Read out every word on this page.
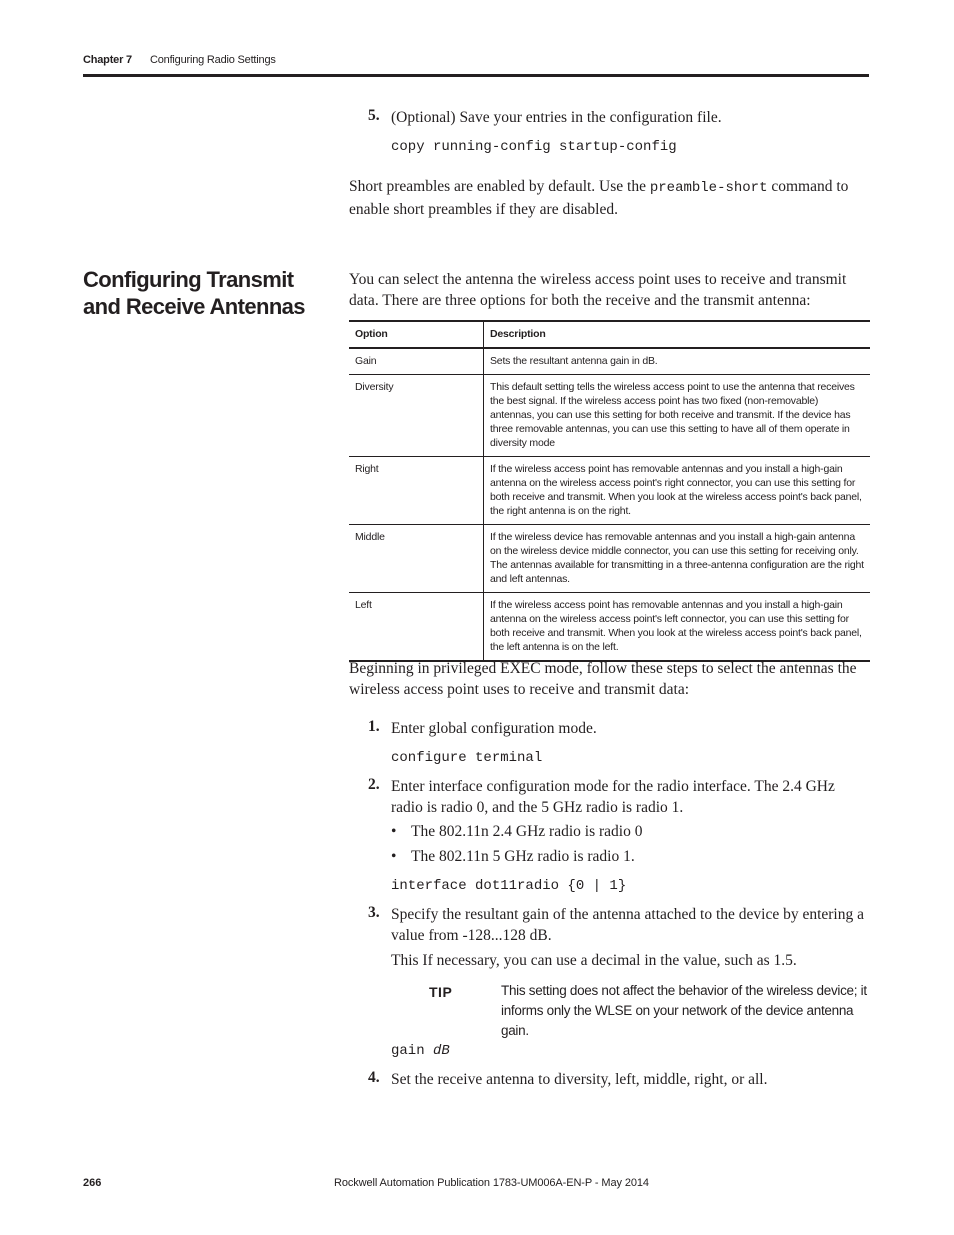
Chapter 7 Configuring Radio Settings
5. (Optional) Save your entries in the configuration file.
copy running-config startup-config
Short preambles are enabled by default. Use the preamble-short command to enable short preambles if they are disabled.
Configuring Transmit and Receive Antennas
You can select the antenna the wireless access point uses to receive and transmit data. There are three options for both the receive and the transmit antenna:
Option	Description
Gain	Sets the resultant antenna gain in dB.
Diversity	This default setting tells the wireless access point to use the antenna that receives the best signal. If the wireless access point has two fixed (non-removable) antennas, you can use this setting for both receive and transmit. If the device has three removable antennas, you can use this setting to have all of them operate in diversity mode
Right	If the wireless access point has removable antennas and you install a high-gain antenna on the wireless access point's right connector, you can use this setting for both receive and transmit. When you look at the wireless access point's back panel, the right antenna is on the right.
Middle	If the wireless device has removable antennas and you install a high-gain antenna on the wireless device middle connector, you can use this setting for receiving only. The antennas available for transmitting in a three-antenna configuration are the right and left antennas.
Left	If the wireless access point has removable antennas and you install a high-gain antenna on the wireless access point's left connector, you can use this setting for both receive and transmit. When you look at the wireless access point's back panel, the left antenna is on the left.
Beginning in privileged EXEC mode, follow these steps to select the antennas the wireless access point uses to receive and transmit data:
1. Enter global configuration mode.
configure terminal
2. Enter interface configuration mode for the radio interface. The 2.4 GHz radio is radio 0, and the 5 GHz radio is radio 1.
• The 802.11n 2.4 GHz radio is radio 0
• The 802.11n 5 GHz radio is radio 1.
interface dot11radio {0 | 1}
3. Specify the resultant gain of the antenna attached to the device by entering a value from -128...128 dB.
This If necessary, you can use a decimal in the value, such as 1.5.
TIP	This setting does not affect the behavior of the wireless device; it informs only the WLSE on your network of the device antenna gain.
gain dB
4. Set the receive antenna to diversity, left, middle, right, or all.
266	Rockwell Automation Publication 1783-UM006A-EN-P - May 2014
